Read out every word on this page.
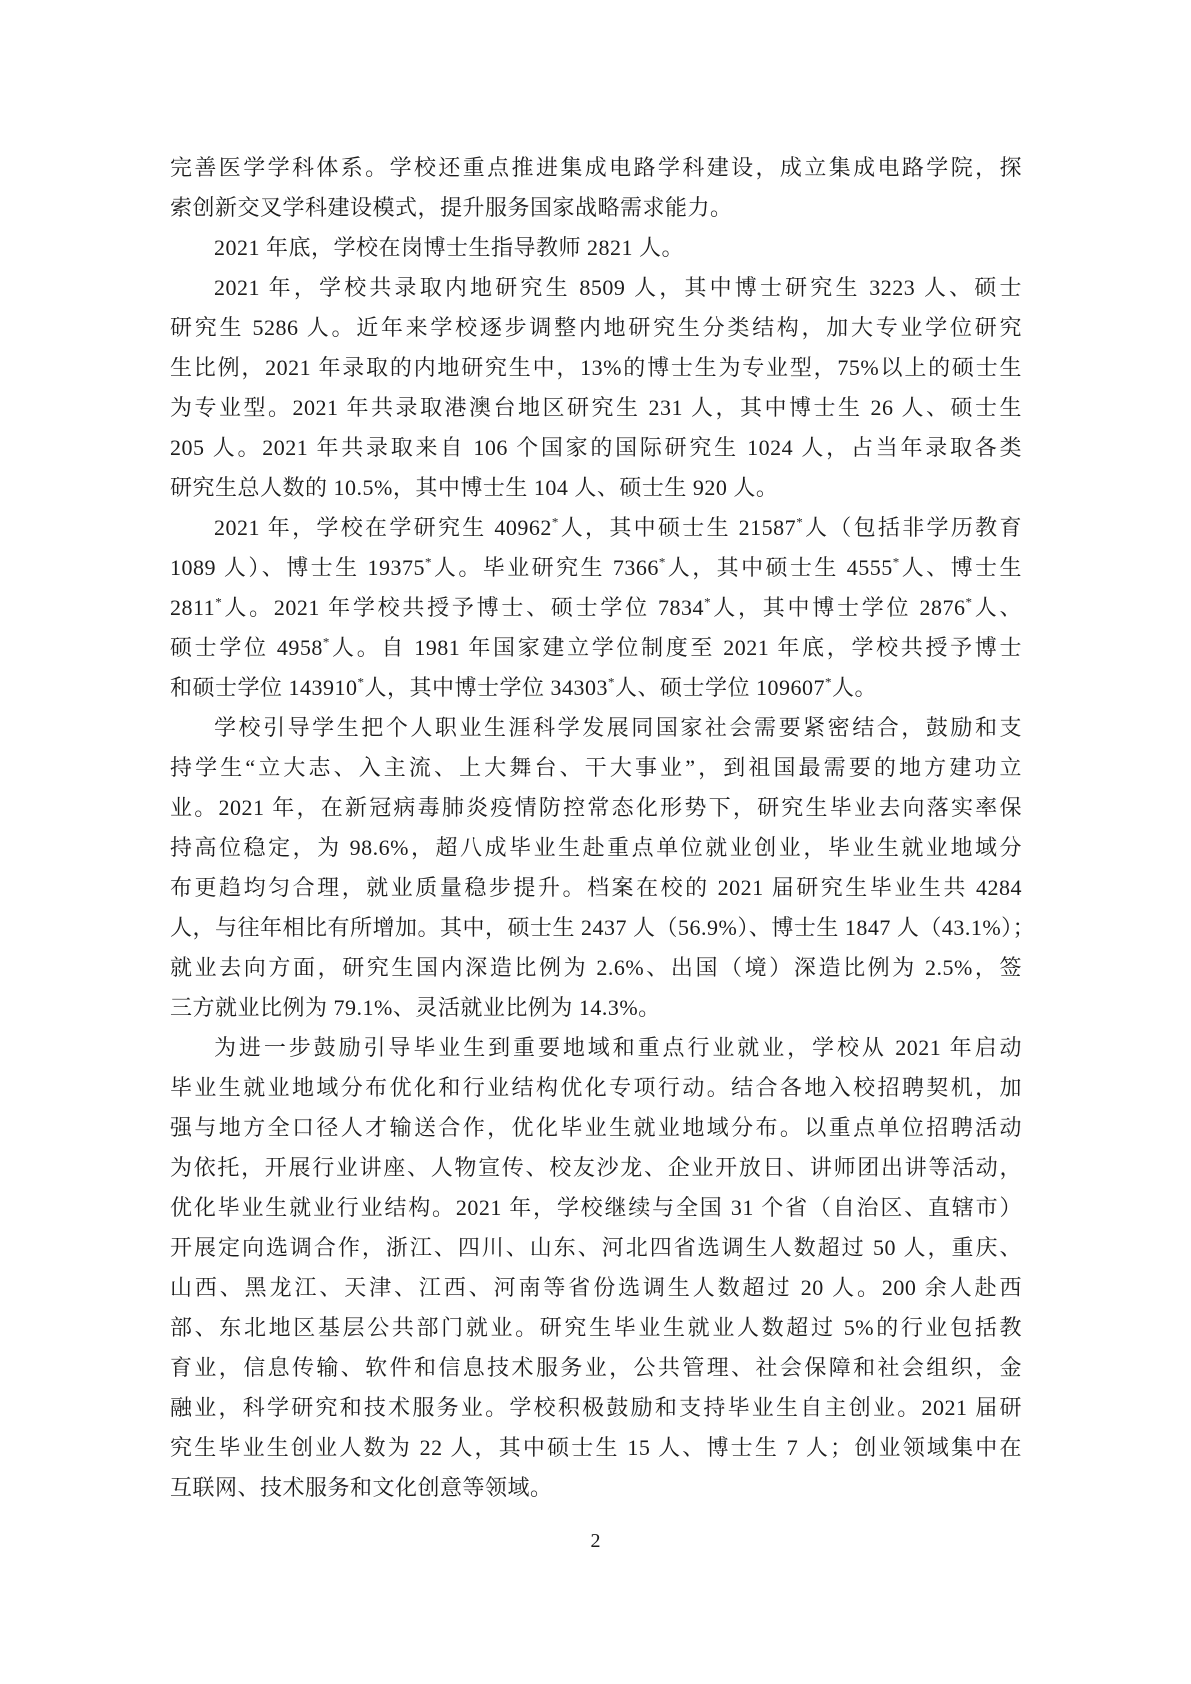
完善医学学科体系。学校还重点推进集成电路学科建设，成立集成电路学院，探
索创新交叉学科建设模式，提升服务国家战略需求能力。
2021 年底，学校在岗博士生指导教师 2821 人。
2021 年，学校共录取内地研究生 8509 人，其中博士研究生 3223 人、硕士
研究生 5286 人。近年来学校逐步调整内地研究生分类结构，加大专业学位研究
生比例，2021 年录取的内地研究生中，13%的博士生为专业型，75%以上的硕士生
为专业型。2021 年共录取港澳台地区研究生 231 人，其中博士生 26 人、硕士生
205 人。2021 年共录取来自 106 个国家的国际研究生 1024 人，占当年录取各类
研究生总人数的 10.5%，其中博士生 104 人、硕士生 920 人。
2021 年，学校在学研究生 40962*人，其中硕士生 21587*人（包括非学历教育
1089 人）、博士生 19375*人。毕业研究生 7366*人，其中硕士生 4555*人、博士生
2811*人。2021 年学校共授予博士、硕士学位 7834*人，其中博士学位 2876*人、
硕士学位 4958*人。自 1981 年国家建立学位制度至 2021 年底，学校共授予博士
和硕士学位 143910*人，其中博士学位 34303*人、硕士学位 109607*人。
学校引导学生把个人职业生涯科学发展同国家社会需要紧密结合，鼓励和支
持学生“立大志、入主流、上大舞台、干大事业”，到祖国最需要的地方建功立
业。2021 年，在新冠病毒肺炎疫情防控常态化形势下，研究生毕业去向落实率保
持高位稳定，为 98.6%，超八成毕业生赴重点单位就业创业，毕业生就业地域分
布更趋均匀合理，就业质量稳步提升。档案在校的 2021 届研究生毕业生共 4284
人，与往年相比有所增加。其中，硕士生 2437 人（56.9%）、博士生 1847 人（43.1%）；
就业去向方面，研究生国内深造比例为 2.6%、出国（境）深造比例为 2.5%，签
三方就业比例为 79.1%、灵活就业比例为 14.3%。
为进一步鼓励引导毕业生到重要地域和重点行业就业，学校从 2021 年启动
毕业生就业地域分布优化和行业结构优化专项行动。结合各地入校招聘契机，加
强与地方全口径人才输送合作，优化毕业生就业地域分布。以重点单位招聘活动
为依托，开展行业讲座、人物宣传、校友沙龙、企业开放日、讲师团出讲等活动，
优化毕业生就业行业结构。2021 年，学校继续与全国 31 个省（自治区、直辖市）
开展定向选调合作，浙江、四川、山东、河北四省选调生人数超过 50 人，重庆、
山西、黑龙江、天津、江西、河南等省份选调生人数超过 20 人。200 余人赴西
部、东北地区基层公共部门就业。研究生毕业生就业人数超过 5%的行业包括教
育业，信息传输、软件和信息技术服务业，公共管理、社会保障和社会组织，金
融业，科学研究和技术服务业。学校积极鼓励和支持毕业生自主创业。2021 届研
究生毕业生创业人数为 22 人，其中硕士生 15 人、博士生 7 人；创业领域集中在
互联网、技术服务和文化创意等领域。
2
